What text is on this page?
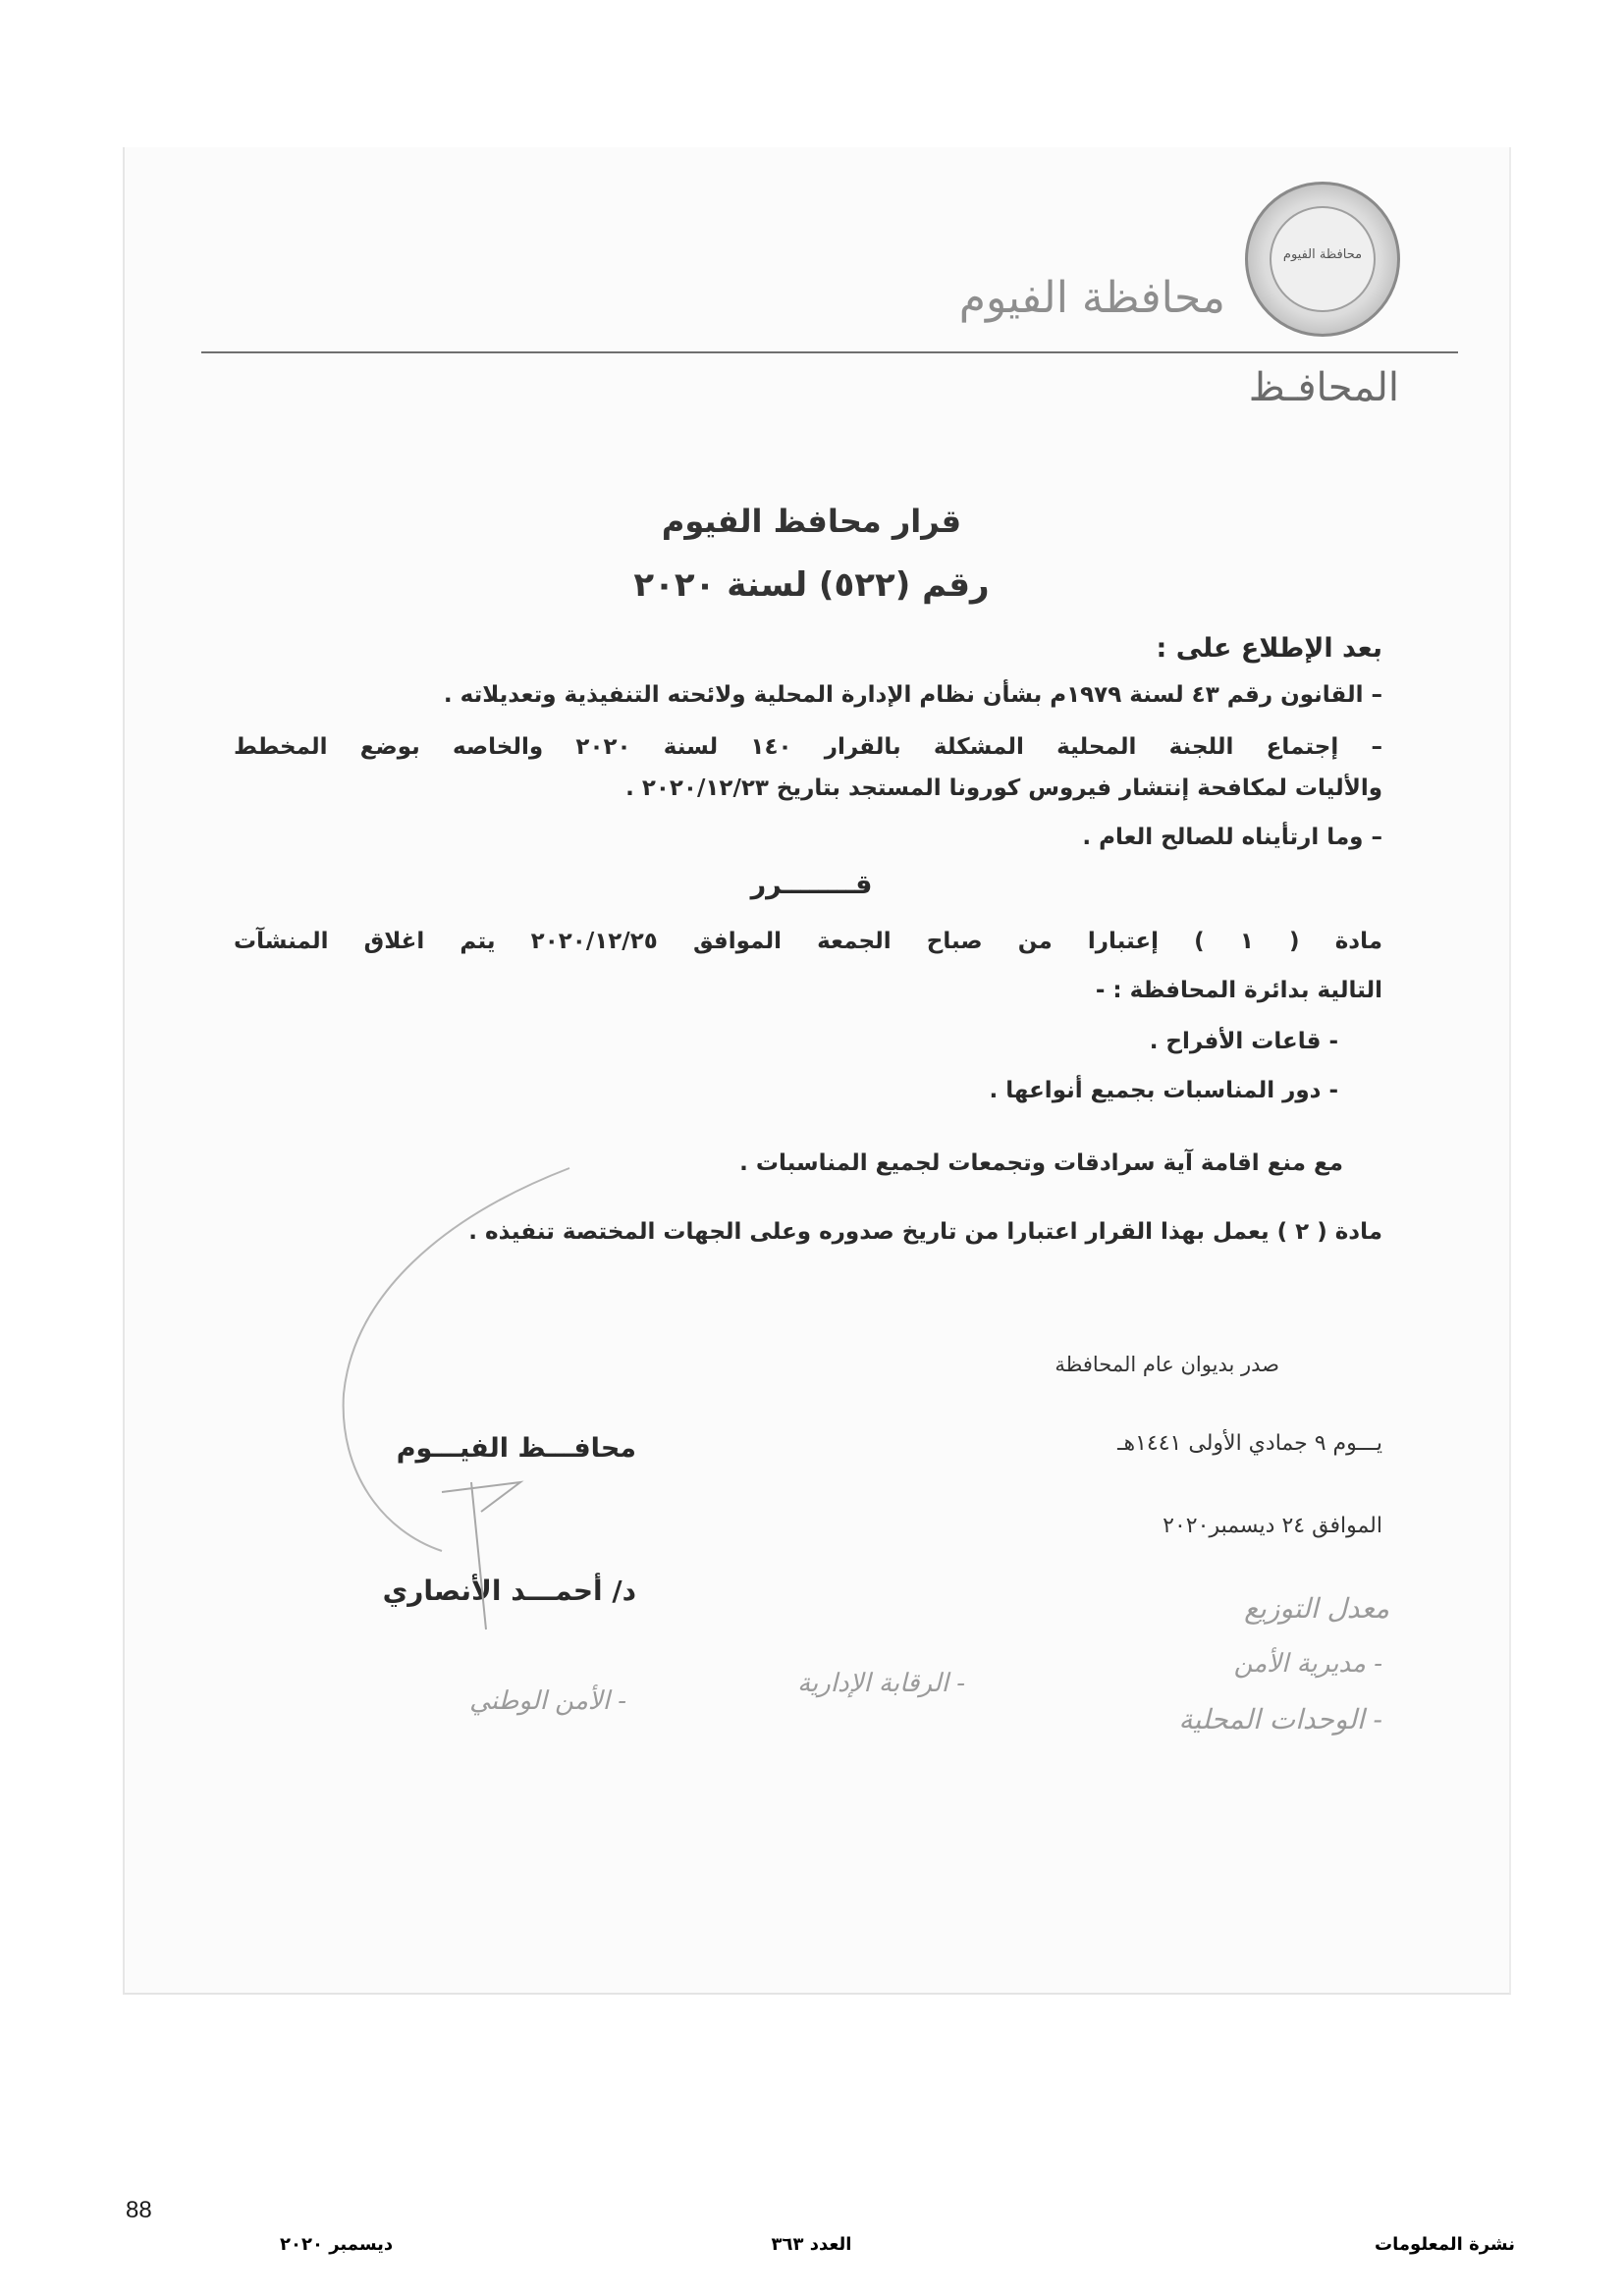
محافظة الفيوم
محافظة الفيوم
المحافـظ
قرار محافظ الفيوم
رقم (٥٢٢) لسنة ٢٠٢٠
بعد الإطلاع على :
– القانون رقم ٤٣ لسنة ١٩٧٩م بشأن نظام الإدارة المحلية ولائحته التنفيذية وتعديلاته .
– إجتماع اللجنة المحلية المشكلة بالقرار ١٤٠ لسنة ٢٠٢٠ والخاصه بوضع المخطط
والأليات لمكافحة إنتشار فيروس كورونا المستجد بتاريخ ٢٠٢٠/١٢/٢٣ .
– وما ارتأيناه للصالح العام .
قــــــــرر
مادة ( ١ ) إعتبارا من صباح الجمعة الموافق ٢٠٢٠/١٢/٢٥ يتم اغلاق المنشآت
التالية بدائرة المحافظة : -
- قاعات الأفراح .
- دور المناسبات بجميع أنواعها .
مع منع اقامة آية سرادقات وتجمعات لجميع المناسبات .
مادة ( ٢ ) يعمل بهذا القرار اعتبارا من تاريخ صدوره وعلى الجهات المختصة تنفيذه .
صدر بديوان عام المحافظة
يـــوم ٩ جمادي الأولى ١٤٤١هـ
الموافق ٢٤ ديسمبر٢٠٢٠
محافـــظ الفيـــوم
د/ أحمـــد الأنصاري
معدل التوزيع
- مديرية الأمن
- الوحدات المحلية
- الرقابة الإدارية
- الأمن الوطني
88
ديسمبر ٢٠٢٠	العدد ٣٦٣	نشرة المعلومات
